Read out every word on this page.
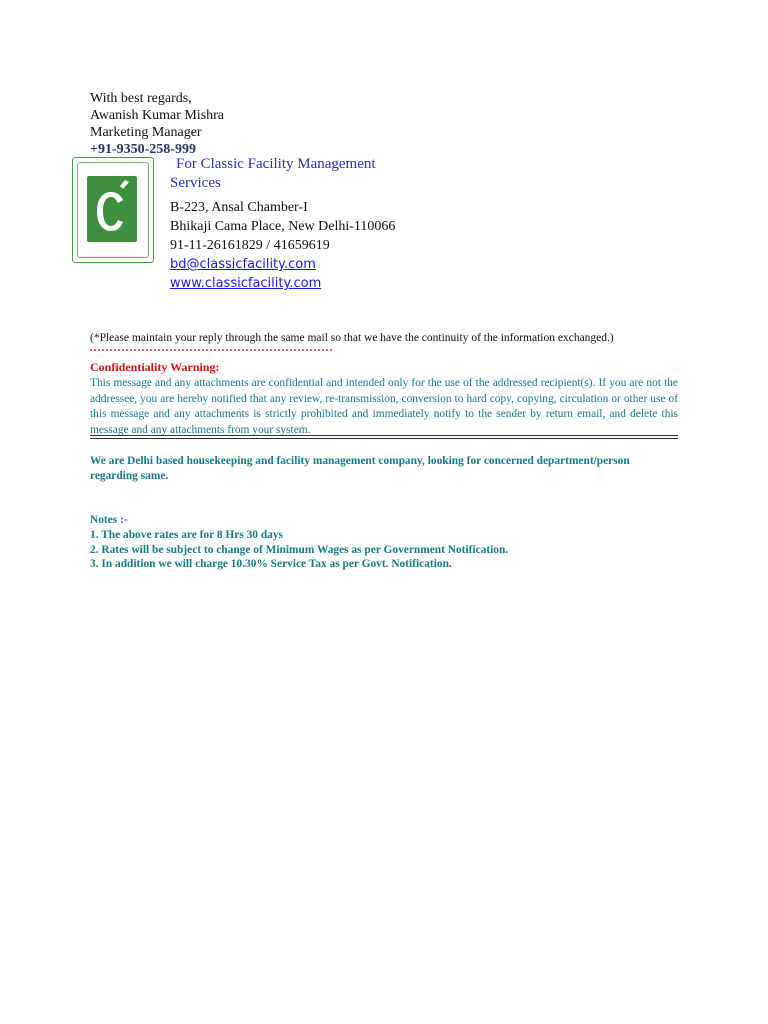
With best regards,
Awanish Kumar Mishra
Marketing Manager
+91-9350-258-999
For Classic Facility Management Services
B-223, Ansal Chamber-I
Bhikaji Cama Place, New Delhi-110066
91-11-26161829 / 41659619
bd@classicfacility.com
www.classicfacility.com
(*Please maintain your reply through the same mail so that we have the continuity of the information exchanged.)
Confidentiality Warning:
This message and any attachments are confidential and intended only for the use of the addressed recipient(s). If you are not the addressee, you are hereby notified that any review, re-transmission, conversion to hard copy, copying, circulation or other use of this message and any attachments is strictly prohibited and immediately notify to the sender by return email, and delete this message and any attachments from your system.
We are Delhi based housekeeping and facility management company, looking for concerned department/person regarding same.
Notes :-
1. The above rates are for 8 Hrs 30 days
2. Rates will be subject to change of Minimum Wages as per Government Notification.
3. In addition we will charge 10.30% Service Tax as per Govt. Notification.
